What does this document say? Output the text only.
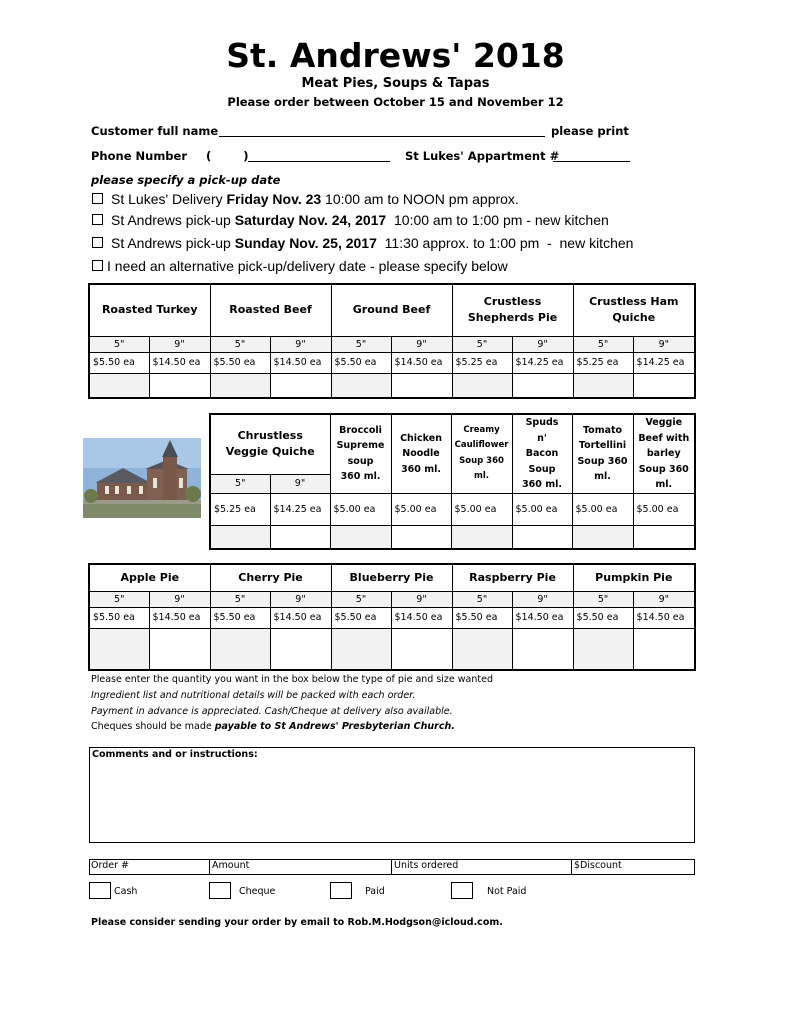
St. Andrews' 2018
Meat Pies, Soups & Tapas
Please order between October 15 and November 12
Customer full name	please print
Phone Number (        )	St Lukes' Appartment #
please specify a pick-up date
St Lukes' Delivery Friday Nov. 23 10:00 am to NOON pm approx.
St Andrews pick-up Saturday Nov. 24, 2017  10:00 am to 1:00 pm - new kitchen
St Andrews pick-up Sunday Nov. 25, 2017  11:30 approx. to 1:00 pm  -  new kitchen
I need an alternative pick-up/delivery date - please specify below
Roasted Turkey		Roasted Beef		Ground Beef		Crustless Shepherds Pie		Crustless Ham Quiche	
5"	9"	5"	9"	5"	9"	5"	9"	5"	9"
$5.50 ea	$14.50 ea	$5.50 ea	$14.50 ea	$5.50 ea	$14.50 ea	$5.25 ea	$14.25 ea	$5.25 ea	$14.25 ea

Chrustless Veggie Quiche		Broccoli Supreme soup 360 ml.	Chicken Noodle 360 ml.	Creamy Cauliflower Soup 360 ml.	Spuds n' Bacon Soup 360 ml.	Tomato Tortellini Soup 360 ml.	Veggie Beef with barley Soup 360 ml.
5"	9"						
$5.25 ea	$14.25 ea	$5.00 ea	$5.00 ea	$5.00 ea	$5.00 ea	$5.00 ea	$5.00 ea

Apple Pie		Cherry Pie		Blueberry Pie		Raspberry Pie		Pumpkin Pie	
5"	9"	5"	9"	5"	9"	5"	9"	5"	9"
$5.50 ea	$14.50 ea	$5.50 ea	$14.50 ea	$5.50 ea	$14.50 ea	$5.50 ea	$14.50 ea	$5.50 ea	$14.50 ea

Please enter the quantity you want in the box below the type of pie and size wanted
Ingredient list and nutritional details will be packed with each order.
Payment in advance is appreciated. Cash/Cheque at delivery also available.
Cheques should be made payable to St Andrews' Presbyterian Church.
Comments and or instructions:
Order #	Amount	Units ordered	$Discount
Cash	Cheque	Paid	Not Paid
Please consider sending your order by email to Rob.M.Hodgson@icloud.com.
